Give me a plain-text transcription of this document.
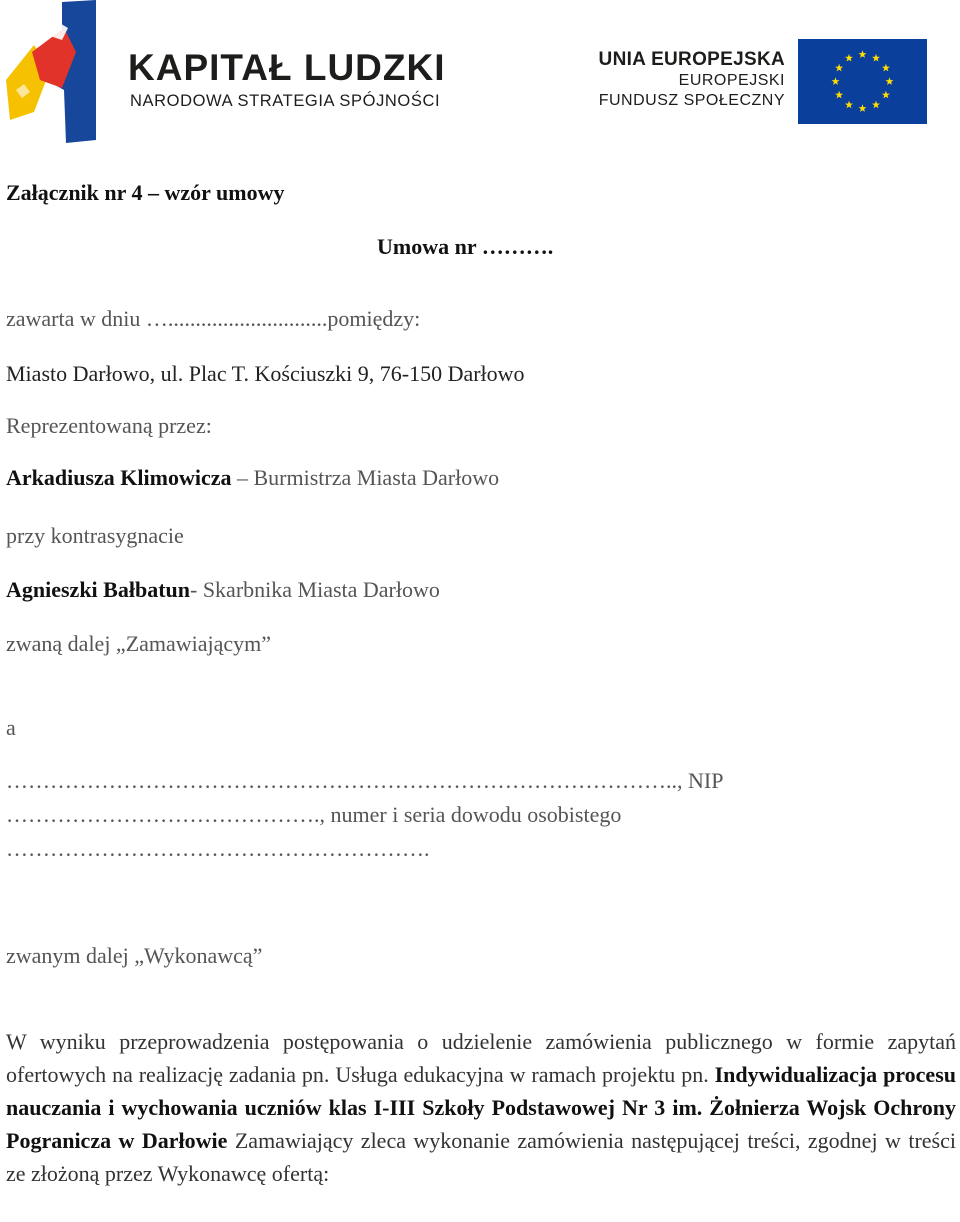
KAPITAŁ LUDZKI
NARODOWA STRATEGIA SPÓJNOŚCI
UNIA EUROPEJSKA
EUROPEJSKI
FUNDUSZ SPOŁECZNY
Załącznik nr 4 – wzór umowy
Umowa nr ……….
zawarta w dniu ….............................pomiędzy:
Miasto Darłowo, ul. Plac T. Kościuszki 9, 76-150 Darłowo
Reprezentowaną przez:
Arkadiusza Klimowicza – Burmistrza Miasta Darłowo
przy kontrasygnacie
Agnieszki Bałbatun- Skarbnika Miasta Darłowo
zwaną dalej „Zamawiającym”
a
……………………………………………………………………………….., NIP
……………………………………., numer i seria dowodu osobistego
………………………………………………….
zwanym dalej „Wykonawcą”
W wyniku przeprowadzenia postępowania o udzielenie zamówienia publicznego w formie zapytań ofertowych na realizację zadania pn. Usługa edukacyjna w ramach projektu pn. Indywidualizacja procesu nauczania i wychowania uczniów klas I-III Szkoły Podstawowej Nr 3 im. Żołnierza Wojsk Ochrony Pogranicza w Darłowie Zamawiający zleca wykonanie zamówienia następującej treści, zgodnej w treści ze złożoną przez Wykonawcę ofertą:
